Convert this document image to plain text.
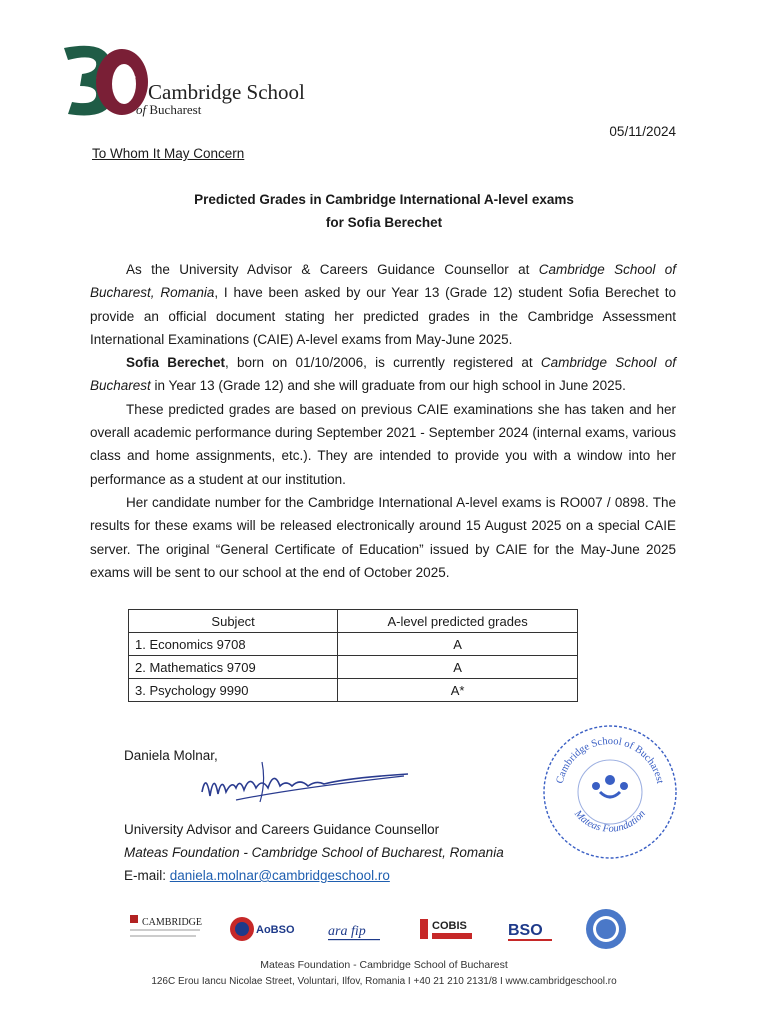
Years
Cambridge School
of Bucharest
05/11/2024
To Whom It May Concern
Predicted Grades in Cambridge International A-level exams
for Sofia Berechet

As the University Advisor & Careers Guidance Counsellor at Cambridge School of Bucharest, Romania, I have been asked by our Year 13 (Grade 12) student Sofia Berechet to provide an official document stating her predicted grades in the Cambridge Assessment International Examinations (CAIE) A-level exams from May-June 2025.

Sofia Berechet, born on 01/10/2006, is currently registered at Cambridge School of Bucharest in Year 13 (Grade 12) and she will graduate from our high school in June 2025.

These predicted grades are based on previous CAIE examinations she has taken and her overall academic performance during September 2021 - September 2024 (internal exams, various class and home assignments, etc.). They are intended to provide you with a window into her performance as a student at our institution.

Her candidate number for the Cambridge International A-level exams is RO007 / 0898. The results for these exams will be released electronically around 15 August 2025 on a special CAIE server. The original “General Certificate of Education” issued by CAIE for the May-June 2025 exams will be sent to our school at the end of October 2025.

Subject	A-level predicted grades
1. Economics 9708	A
2. Mathematics 9709	A
3. Psychology 9990	A*
Daniela Molnar,
University Advisor and Careers Guidance Counsellor
Mateas Foundation - Cambridge School of Bucharest, Romania
E-mail: daniela.molnar@cambridgeschool.ro
Cambridge School of Bucharest
Mateas Foundation
CAMBRIDGE
AoBSO ara fip	COBIS	BSO
Mateas Foundation - Cambridge School of Bucharest
126C Erou Iancu Nicolae Street, Voluntari, Ilfov, Romania I +40 21 210 2131/8 I www.cambridgeschool.ro
